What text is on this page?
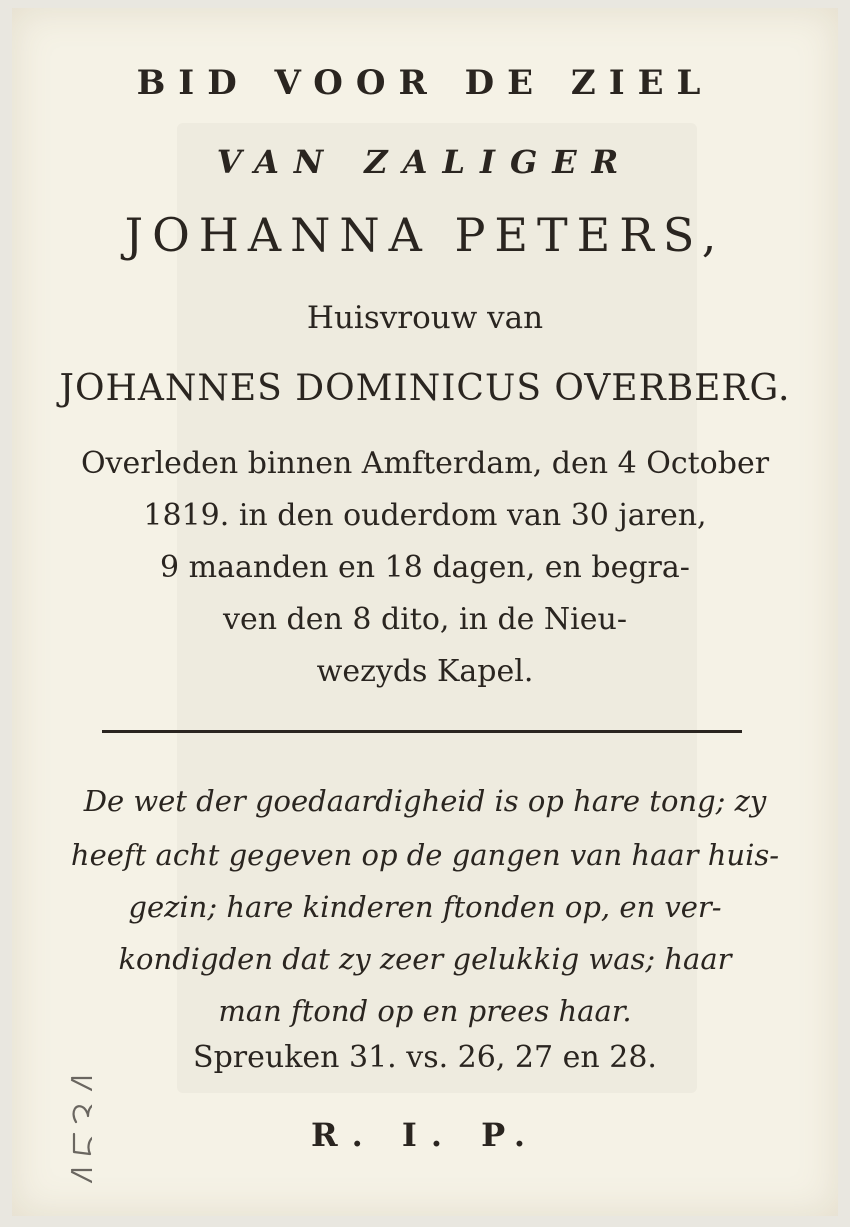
BID VOOR DE ZIEL
VAN ZALIGER
JOHANNA PETERS,
Huisvrouw van
JOHANNES DOMINICUS OVERBERG.
Overleden binnen Amfterdam, den 4 October
1819. in den ouderdom van 30 jaren,
9 maanden en 18 dagen, en begra-
ven den 8 dito, in de Nieu-
wezyds Kapel.
De wet der goedaardigheid is op hare tong; zy
heeft acht gegeven op de gangen van haar huis-
gezin; hare kinderen ftonden op, en ver-
kondigden dat zy zeer gelukkig was; haar
man ftond op en prees haar.
Spreuken 31. vs. 26, 27 en 28.
R. I. P.
